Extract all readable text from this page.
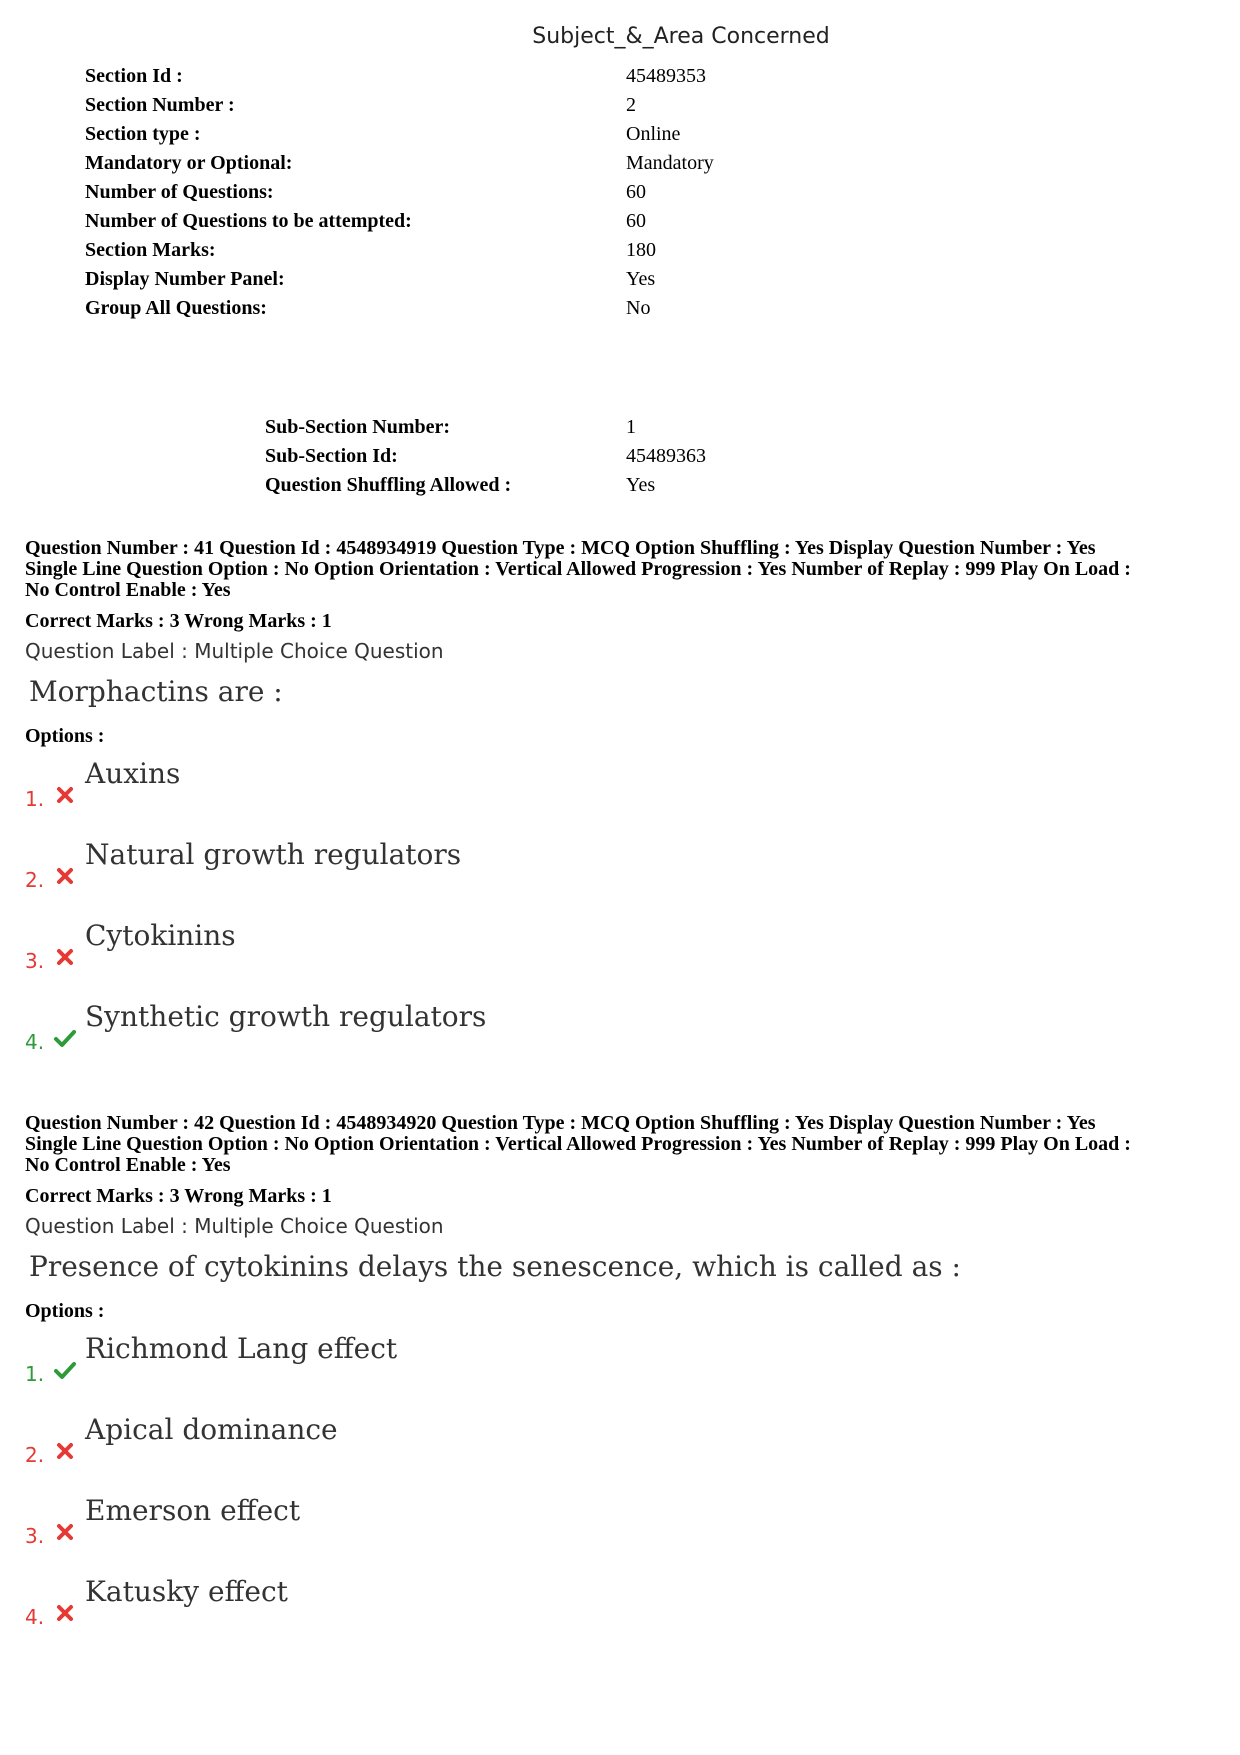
Subject_&_Area Concerned
Section Id :	45489353
Section Number :	2
Section type :	Online
Mandatory or Optional:	Mandatory
Number of Questions:	60
Number of Questions to be attempted:	60
Section Marks:	180
Display Number Panel:	Yes
Group All Questions:	No
Sub-Section Number:	1
Sub-Section Id:	45489363
Question Shuffling Allowed :	Yes
Question Number : 41 Question Id : 4548934919 Question Type : MCQ Option Shuffling : Yes Display Question Number : Yes
Single Line Question Option : No Option Orientation : Vertical Allowed Progression : Yes Number of Replay : 999 Play On Load :
No Control Enable : Yes
Correct Marks : 3 Wrong Marks : 1
Question Label : Multiple Choice Question
Morphactins are :
Options :
1.
Auxins
2.
Natural growth regulators
3.
Cytokinins
4.
Synthetic growth regulators
Question Number : 42 Question Id : 4548934920 Question Type : MCQ Option Shuffling : Yes Display Question Number : Yes
Single Line Question Option : No Option Orientation : Vertical Allowed Progression : Yes Number of Replay : 999 Play On Load :
No Control Enable : Yes
Correct Marks : 3 Wrong Marks : 1
Question Label : Multiple Choice Question
Presence of cytokinins delays the senescence, which is called as :
Options :
1.
Richmond Lang effect
2.
Apical dominance
3.
Emerson effect
4.
Katusky effect
